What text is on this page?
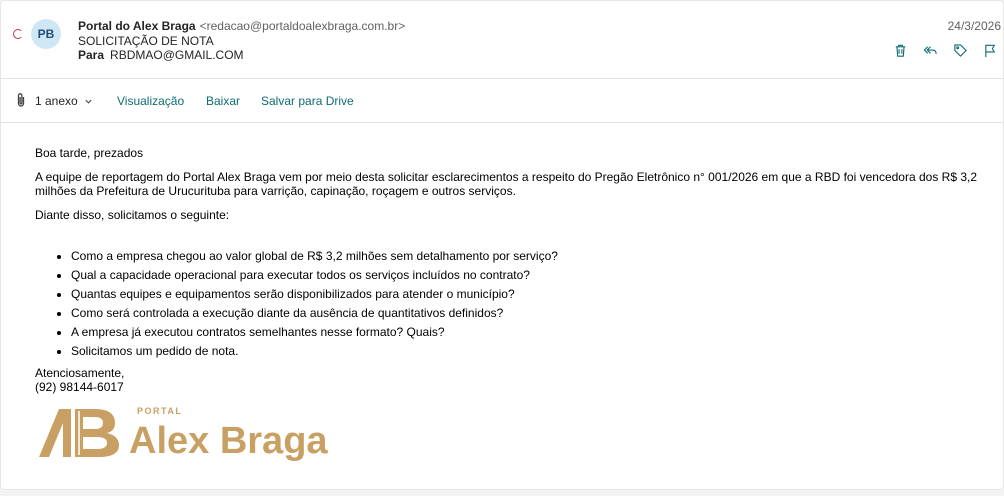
PB
Portal do Alex Braga <redacao@portaldoalexbraga.com.br>
SOLICITAÇÃO DE NOTA
Para RBDMAO@GMAIL.COM
24/3/2026
1 anexo	Visualização Baixar Salvar para Drive
Boa tarde, prezados
A equipe de reportagem do Portal Alex Braga vem por meio desta solicitar esclarecimentos a respeito do Pregão Eletrônico n° 001/2026 em que a RBD foi vencedora dos R$ 3,2 milhões da Prefeitura de Urucurituba para varrição, capinação, roçagem e outros serviços.
Diante disso, solicitamos o seguinte:
• Como a empresa chegou ao valor global de R$ 3,2 milhões sem detalhamento por serviço?
• Qual a capacidade operacional para executar todos os serviços incluídos no contrato?
• Quantas equipes e equipamentos serão disponibilizados para atender o município?
• Como será controlada a execução diante da ausência de quantitativos definidos?
• A empresa já executou contratos semelhantes nesse formato? Quais?
• Solicitamos um pedido de nota.
Atenciosamente,
(92) 98144-6017
PORTAL
Alex Braga
